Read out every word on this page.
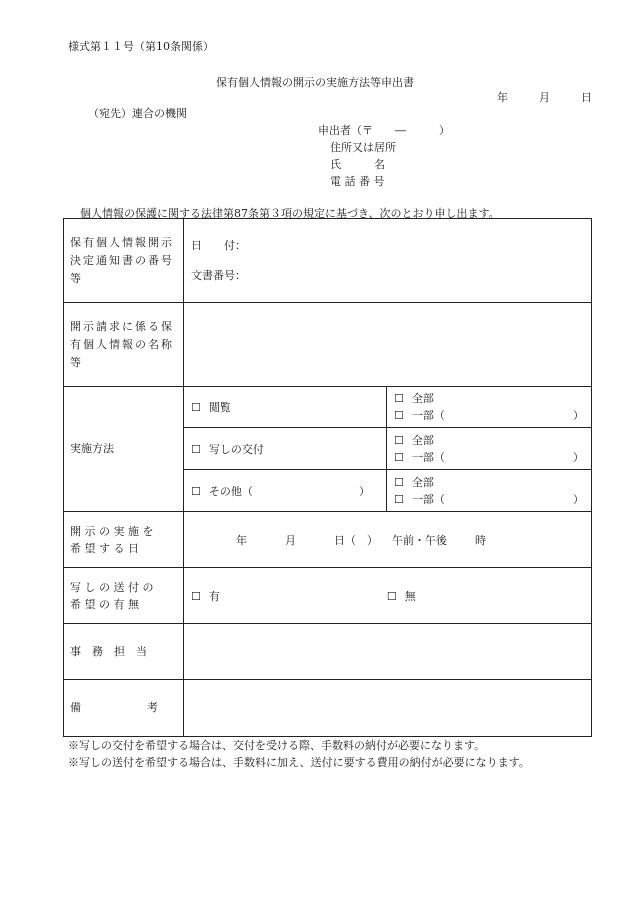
様式第１１号（第10条関係）
保有個人情報の開示の実施方法等申出書
年	月	日
（宛先）連合の機関
申出者（〒　　―　　　）
住所又は居所
氏　　　名
電 話 番 号
個人情報の保護に関する法律第87条第３項の規定に基づき、次のとおり申し出ます。
保有個人情報開示決定通知書の番号等	日　　付：
文書番号：	

開示請求に係る保有個人情報の名称等		
実施方法	☐ 閲覧	☐ 全部
☐ 一部（ ）

	☐ 写しの交付	☐ 全部
☐ 一部（ ）

	☐ その他（ ）	☐ 全部
☐ 一部（ ）

開 示 の 実 施 を
希 望 す る 日	年 月 日（　） 午前・午後 時	

写 し の 送 付 の
希 望 の 有 無	☐ 有 ☐ 無	
事　務　担　当		
備　　　　　　考		
※写しの交付を希望する場合は、交付を受ける際、手数料の納付が必要になります。
※写しの送付を希望する場合は、手数料に加え、送付に要する費用の納付が必要になります。
